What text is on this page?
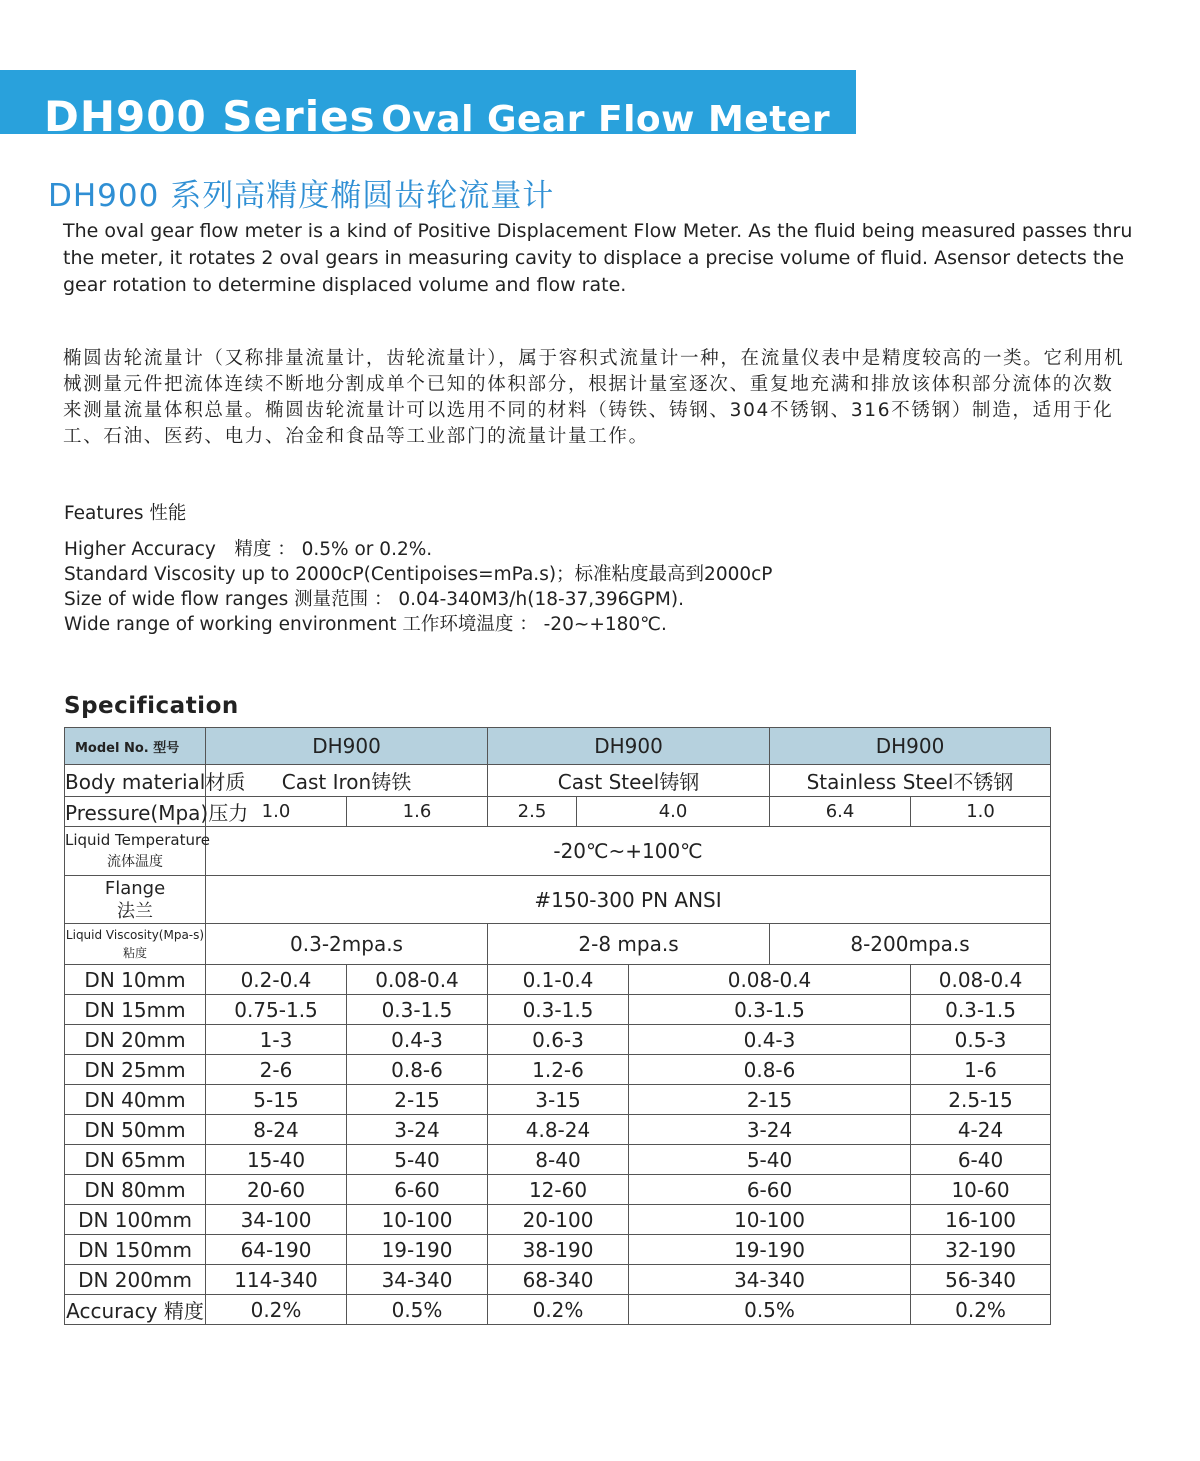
DH900 Series Oval Gear Flow Meter
DH900 系列高精度椭圆齿轮流量计
The oval gear flow meter is a kind of Positive Displacement Flow Meter. As the fluid being measured passes thru the meter, it rotates 2 oval gears in measuring cavity to displace a precise volume of fluid. Asensor detects the gear rotation to determine displaced volume and flow rate.
椭圆齿轮流量计（又称排量流量计，齿轮流量计），属于容积式流量计一种，在流量仪表中是精度较高的一类。它利用机械测量元件把流体连续不断地分割成单个已知的体积部分，根据计量室逐次、重复地充满和排放该体积部分流体的次数来测量流量体积总量。椭圆齿轮流量计可以选用不同的材料（铸铁、铸钢、304不锈钢、316不锈钢）制造，适用于化工、石油、医药、电力、冶金和食品等工业部门的流量计量工作。
Features 性能
Higher Accuracy　精度 ： 0.5% or 0.2%.
Standard Viscosity up to 2000cP(Centipoises=mPa.s)；标准粘度最高到2000cP
Size of wide flow ranges 测量范围 ： 0.04-340M3/h(18-37,396GPM).
Wide range of working environment 工作环境温度 ： -20~+180℃.
Specification
Model No. 型号	DH900		DH900			DH900		
Body material材质	Cast Iron铸铁		Cast Steel铸钢			Stainless Steel不锈钢		
Pressure(Mpa)压力	1.0	1.6	2.5	4.0		6.4	1.0	
Liquid Temperature
流体温度	-20℃~+100℃							
Flange
法兰	#150-300 PN ANSI							
Liquid Viscosity(Mpa-s)
粘度	0.3-2mpa.s		2-8 mpa.s			8-200mpa.s		
DN 10mm	0.2-0.4	0.08-0.4	0.1-0.4		0.08-0.4		0.08-0.4	
DN 15mm	0.75-1.5	0.3-1.5	0.3-1.5		0.3-1.5		0.3-1.5	
DN 20mm	1-3	0.4-3	0.6-3		0.4-3		0.5-3	
DN 25mm	2-6	0.8-6	1.2-6		0.8-6		1-6	
DN 40mm	5-15	2-15	3-15		2-15		2.5-15	
DN 50mm	8-24	3-24	4.8-24		3-24		4-24	
DN 65mm	15-40	5-40	8-40		5-40		6-40	
DN 80mm	20-60	6-60	12-60		6-60		10-60	
DN 100mm	34-100	10-100	20-100		10-100		16-100	
DN 150mm	64-190	19-190	38-190		19-190		32-190	
DN 200mm	114-340	34-340	68-340		34-340		56-340	
Accuracy 精度	0.2%	0.5%	0.2%		0.5%		0.2%	
